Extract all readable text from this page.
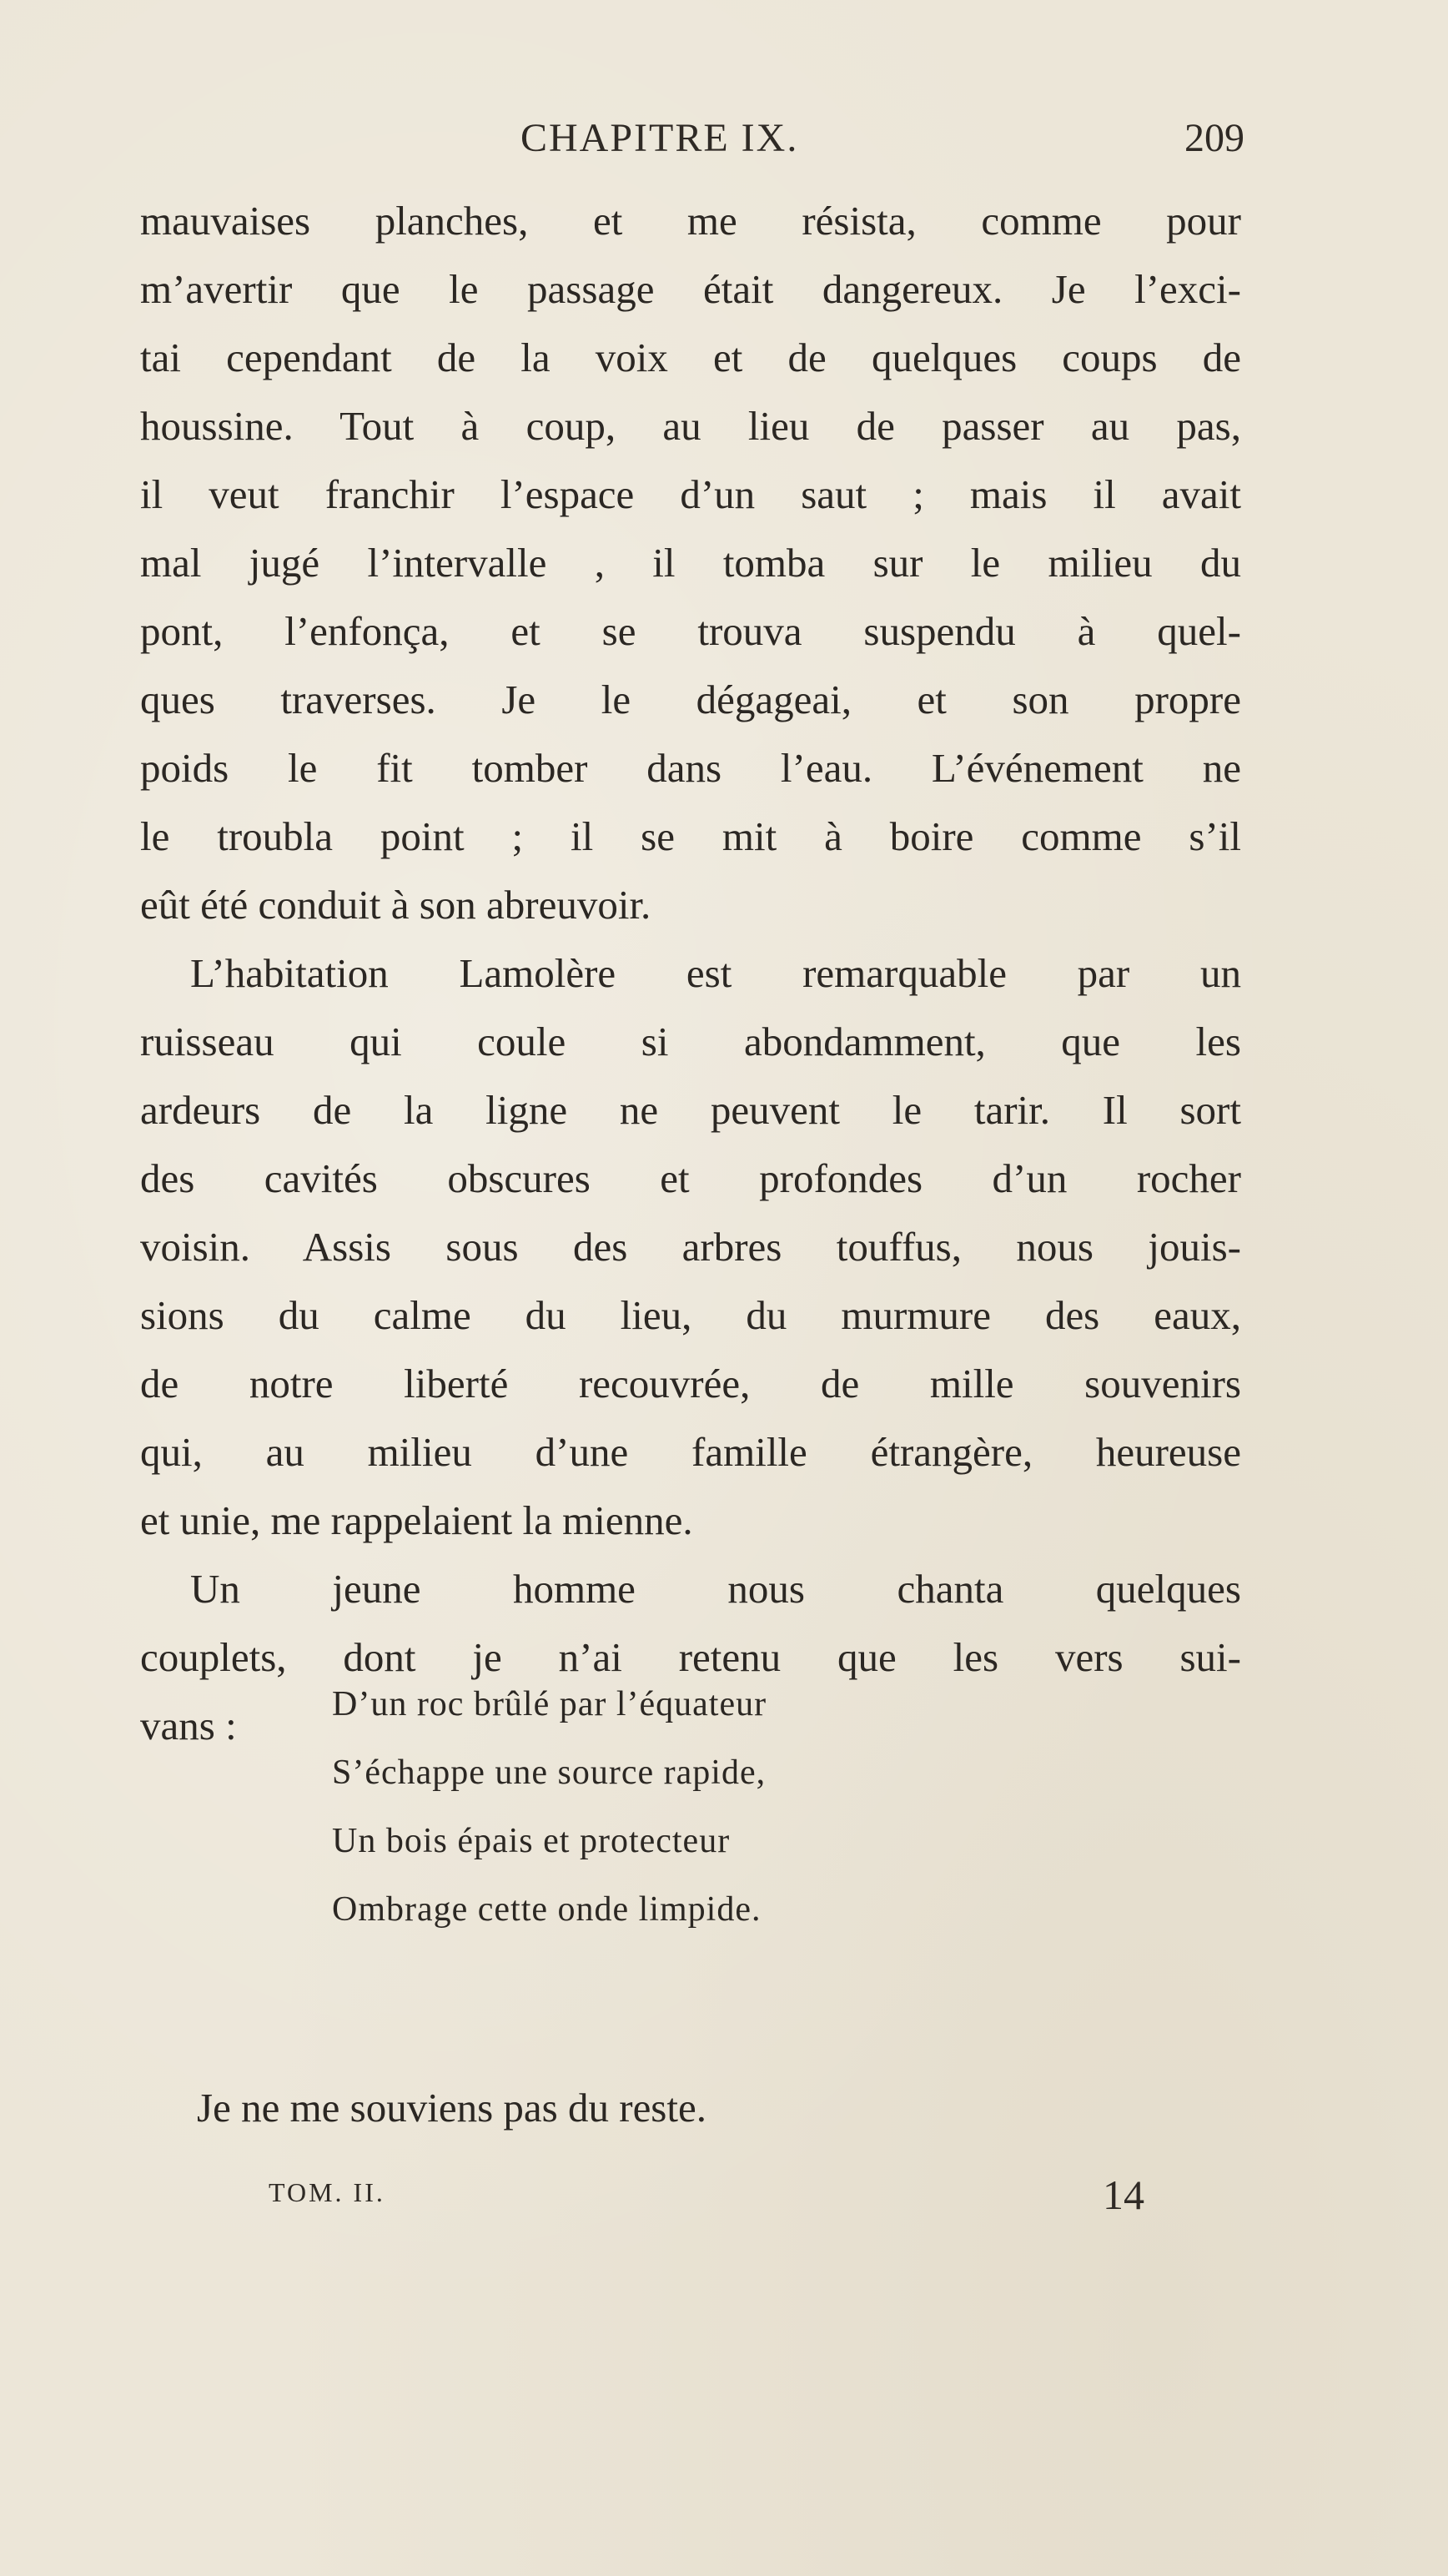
CHAPITRE IX.	209
mauvaises planches, et me résista, comme pour
m’avertir que le passage était dangereux. Je l’exci-
tai cependant de la voix et de quelques coups de
houssine. Tout à coup, au lieu de passer au pas,
il veut franchir l’espace d’un saut ; mais il avait
mal jugé l’intervalle , il tomba sur le milieu du
pont, l’enfonça, et se trouva suspendu à quel-
ques traverses. Je le dégageai, et son propre
poids le fit tomber dans l’eau. L’événement ne
le troubla point ; il se mit à boire comme s’il
eût été conduit à son abreuvoir.
L’habitation Lamolère est remarquable par un
ruisseau qui coule si abondamment, que les
ardeurs de la ligne ne peuvent le tarir. Il sort
des cavités obscures et profondes d’un rocher
voisin. Assis sous des arbres touffus, nous jouis-
sions du calme du lieu, du murmure des eaux,
de notre liberté recouvrée, de mille souvenirs
qui, au milieu d’une famille étrangère, heureuse
et unie, me rappelaient la mienne.
Un jeune homme nous chanta quelques
couplets, dont je n’ai retenu que les vers sui-
vans :	D’un roc brûlé par l’équateur
S’échappe une source rapide,
Un bois épais et protecteur
Ombrage cette onde limpide.
Je ne me souviens pas du reste.
TOM. II.	14
